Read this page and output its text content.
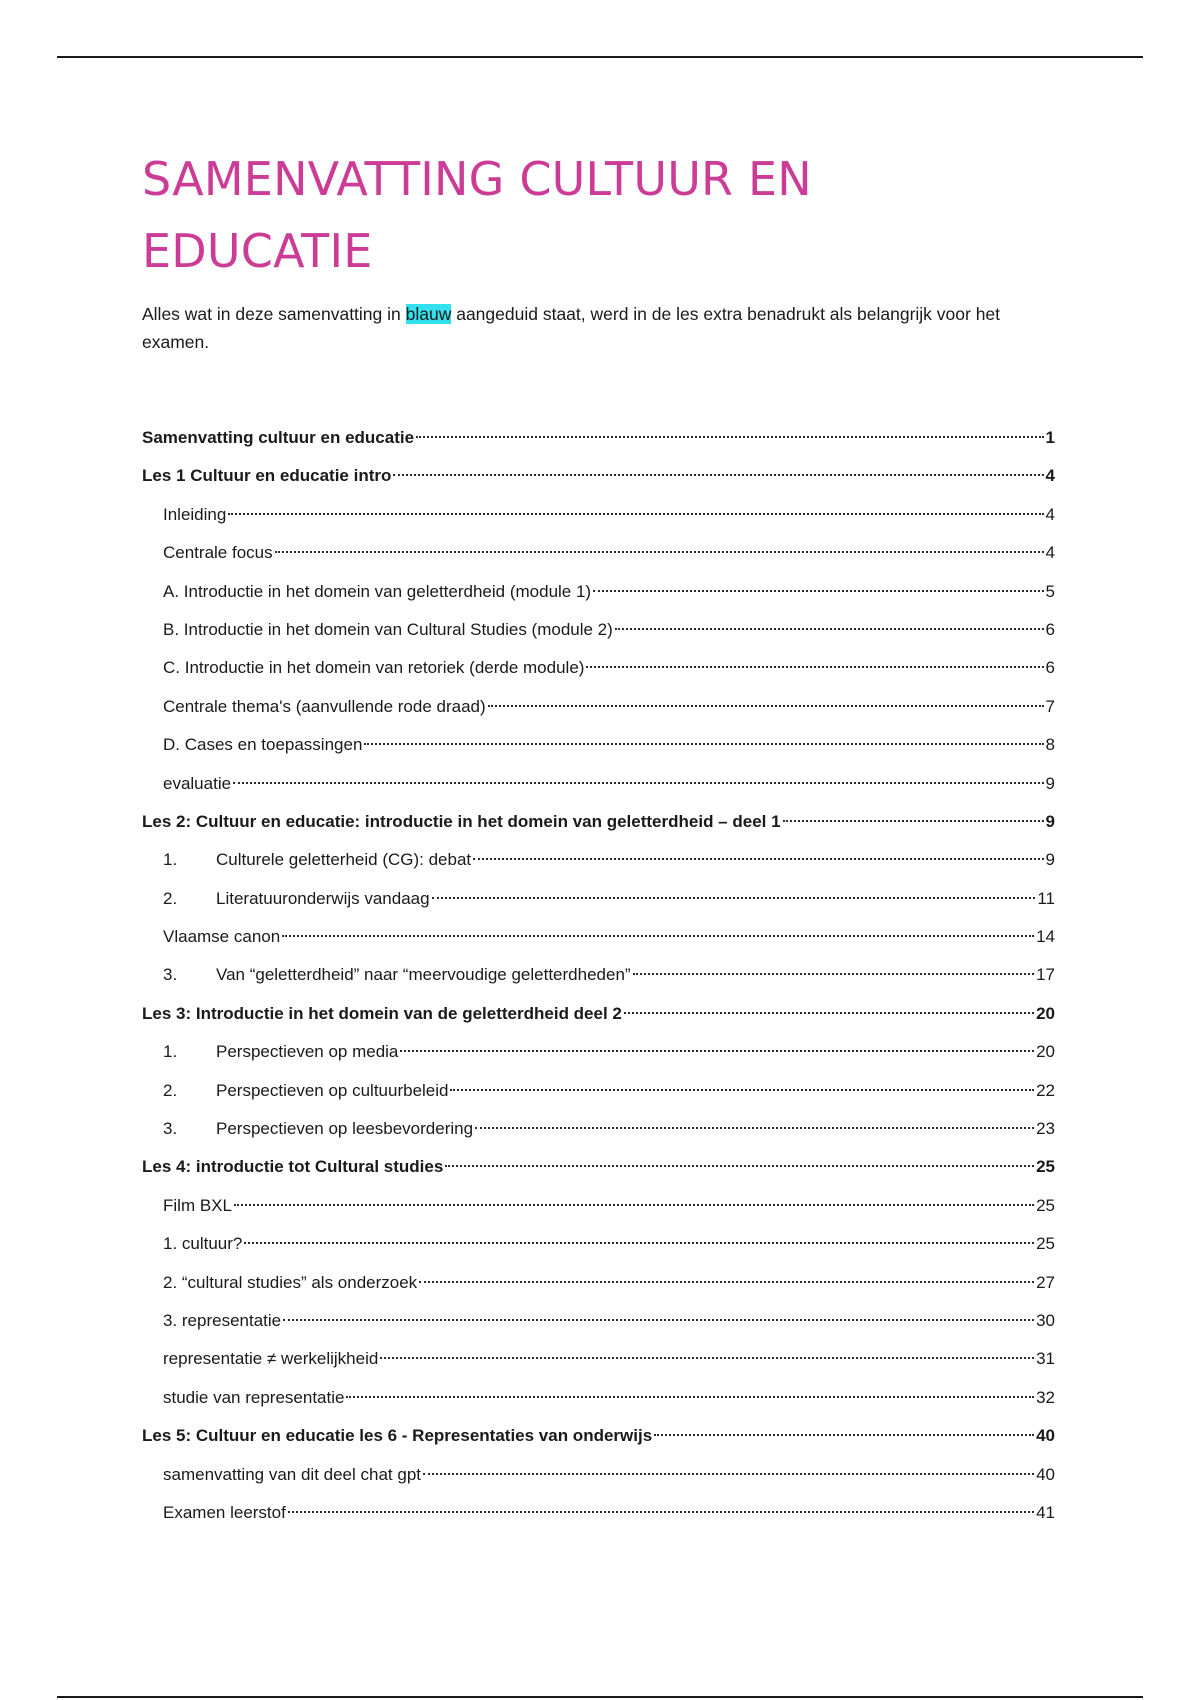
SAMENVATTING CULTUUR EN
EDUCATIE

Alles wat in deze samenvatting in blauw aangeduid staat, werd in de les extra benadrukt als belangrijk voor het examen.

Samenvatting cultuur en educatie	1
Les 1 Cultuur en educatie intro	4
Inleiding	4
Centrale focus	4
A. Introductie in het domein van geletterdheid (module 1)	5
B. Introductie in het domein van Cultural Studies (module 2)	6
C. Introductie in het domein van retoriek (derde module)	6
Centrale thema's (aanvullende rode draad)	7
D. Cases en toepassingen	8
evaluatie	9
Les 2: Cultuur en educatie: introductie in het domein van geletterdheid – deel 1	9
1.	Culturele geletterheid (CG): debat	9
2.	Literatuuronderwijs vandaag	11
Vlaamse canon	14
3.	Van “geletterdheid” naar “meervoudige geletterdheden”	17
Les 3: Introductie in het domein van de geletterdheid deel 2	20
1.	Perspectieven op media	20
2.	Perspectieven op cultuurbeleid	22
3.	Perspectieven op leesbevordering	23
Les 4: introductie tot Cultural studies	25
Film BXL	25
1. cultuur?	25
2. “cultural studies” als onderzoek	27
3. representatie	30
representatie ≠ werkelijkheid	31
studie van representatie	32
Les 5: Cultuur en educatie les 6 - Representaties van onderwijs	40
samenvatting van dit deel chat gpt	40
Examen leerstof	41
